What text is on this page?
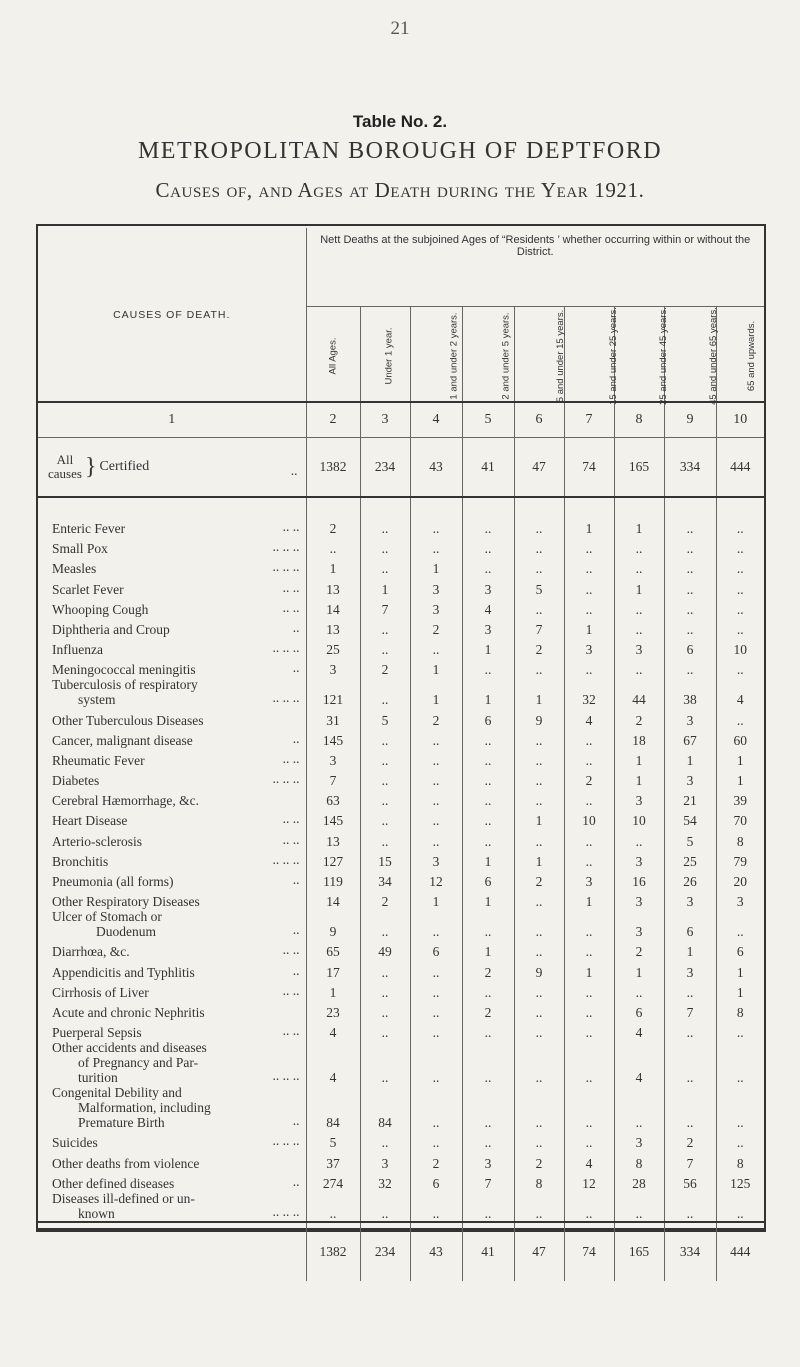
21
Table No. 2.
METROPOLITAN BOROUGH OF DEPTFORD
Causes of, and Ages at Death during the Year 1921.
CAUSES OF DEATH.	Nett Deaths at the subjoined Ages of “Residents ’ whether occurring within or without the District.								
	All Ages.	Under 1 year.	1 and under 2 years.	2 and under 5 years.	5 and under 15 years.	15 and under 25 years.	25 and under 45 years.	45 and under 65 years.	65 and upwards.
1	2	3	4	5	6	7	8	9	10
All
causes } Certified ..	1382	234	43	41	47	74	165	334	444

Enteric Fever .. ..	2	..	..	..	..	1	1	..	..

Small Pox .. .. ..	..	..	..	..	..	..	..	..	..

Measles .. .. ..	1	..	1	..	..	..	..	..	..

Scarlet Fever .. ..	13	1	3	3	5	..	1	..	..

Whooping Cough .. ..	14	7	3	4	..	..	..	..	..

Diphtheria and Croup ..	13	..	2	3	7	1	..	..	..

Influenza .. .. ..	25	..	..	1	2	3	3	6	10

Meningococcal meningitis ..	3	2	1	..	..	..	..	..	..

Tuberculosis of respiratory
system .. .. ..	121	..	1	1	1	32	44	38	4

Other Tuberculous Diseases	31	5	2	6	9	4	2	3	..

Cancer, malignant disease ..	145	..	..	..	..	..	18	67	60

Rheumatic Fever .. ..	3	..	..	..	..	..	1	1	1

Diabetes .. .. ..	7	..	..	..	..	2	1	3	1

Cerebral Hæmorrhage, &c.	63	..	..	..	..	..	3	21	39

Heart Disease .. ..	145	..	..	..	1	10	10	54	70

Arterio-sclerosis .. ..	13	..	..	..	..	..	..	5	8

Bronchitis .. .. ..	127	15	3	1	1	..	3	25	79

Pneumonia (all forms) ..	119	34	12	6	2	3	16	26	20

Other Respiratory Diseases	14	2	1	1	..	1	3	3	3

Ulcer of Stomach or
Duodenum ..	9	..	..	..	..	..	3	6	..

Diarrhœa, &c. .. ..	65	49	6	1	..	..	2	1	6

Appendicitis and Typhlitis ..	17	..	..	2	9	1	1	3	1

Cirrhosis of Liver .. ..	1	..	..	..	..	..	..	..	1

Acute and chronic Nephritis	23	..	..	2	..	..	6	7	8

Puerperal Sepsis .. ..	4	..	..	..	..	..	4	..	..

Other accidents and diseases
of Pregnancy and Par-
turition .. .. ..	4	..	..	..	..	..	4	..	..

Congenital Debility and
Malformation, including
Premature Birth ..	84	84	..	..	..	..	..	..	..

Suicides .. .. ..	5	..	..	..	..	..	3	2	..

Other deaths from violence	37	3	2	3	2	4	8	7	8

Other defined diseases ..	274	32	6	7	8	12	28	56	125

Diseases ill-defined or un-
known .. .. ..	..	..	..	..	..	..	..	..	..
	1382	234	43	41	47	74	165	334	444
